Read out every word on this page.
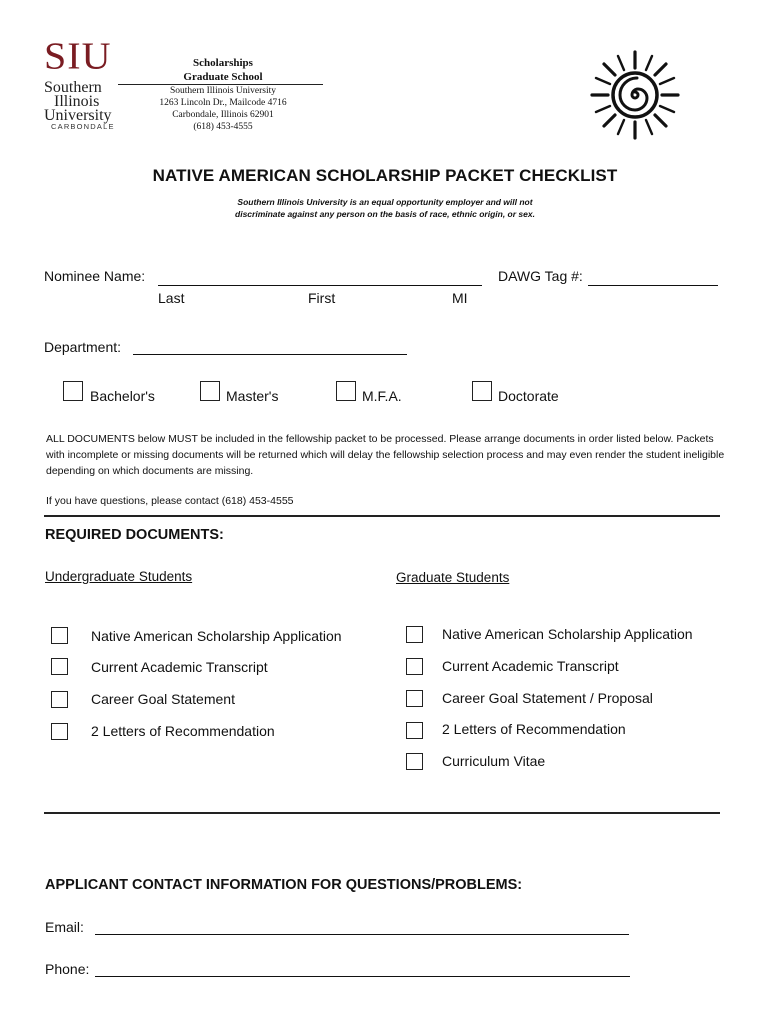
SIU
Southern
Illinois
University
CARBONDALE
Scholarships
Graduate School
Southern Illinois University
1263 Lincoln Dr., Mailcode 4716
Carbondale, Illinois 62901
(618) 453-4555
NATIVE AMERICAN SCHOLARSHIP PACKET CHECKLIST
Southern Illinois University is an equal opportunity employer and will not
discriminate against any person on the basis of race, ethnic origin, or sex.
Nominee Name:	DAWG Tag #:
Last	First	MI
Department:
Bachelor's	Master's	M.F.A.	Doctorate
ALL DOCUMENTS below MUST be included in the fellowship packet to be processed. Please arrange documents in order listed below. Packets with incomplete or missing documents will be returned which will delay the fellowship selection process and may even render the student ineligible depending on which documents are missing.
If you have questions, please contact (618) 453-4555
REQUIRED DOCUMENTS:
Undergraduate Students	Graduate Students
Native American Scholarship Application
Current Academic Transcript
Career Goal Statement
2 Letters of Recommendation
Native American Scholarship Application
Current Academic Transcript
Career Goal Statement / Proposal
2 Letters of Recommendation
Curriculum Vitae
APPLICANT CONTACT INFORMATION FOR QUESTIONS/PROBLEMS:
Email:
Phone:
